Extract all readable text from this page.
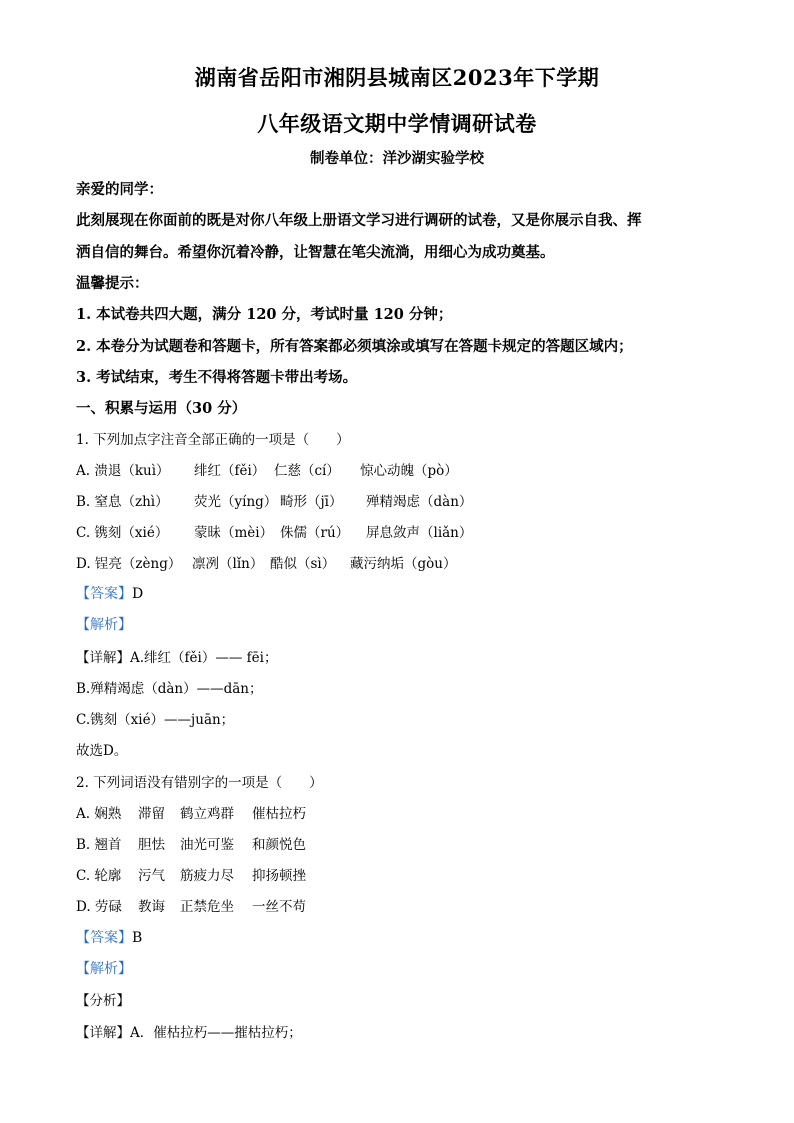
湖南省岳阳市湘阴县城南区2023年下学期
八年级语文期中学情调研试卷
制卷单位：洋沙湖实验学校
亲爱的同学：
此刻展现在你面前的既是对你八年级上册语文学习进行调研的试卷，又是你展示自我、挥
洒自信的舞台。希望你沉着冷静，让智慧在笔尖流淌，用细心为成功奠基。
温馨提示：
1. 本试卷共四大题，满分 120 分，考试时量 120 分钟；
2. 本卷分为试题卷和答题卡，所有答案都必须填涂或填写在答题卡规定的答题区域内；
3. 考试结束，考生不得将答题卡带出考场。
一、积累与运用（30 分）
1. 下列加点字注音全部正确的一项是（　　）
A. 溃退（kuì） 绯红（fěi） 仁慈（cí） 惊心动魄（pò）
B. 窒息（zhì） 荧光（yíng） 畸形（jī） 殚精竭虑（dàn）
C. 镌刻（xié） 蒙昧（mèi） 侏儒（rú） 屏息敛声（liǎn）
D. 锃亮（zèng） 凛冽（lǐn） 酷似（sì） 藏污纳垢（gòu）
【答案】D
【解析】
【详解】A.绯红（fěi）—— fēi；
B.殚精竭虑（dàn）——dān；
C.镌刻（xié）——juān；
故选D。
2. 下列词语没有错别字的一项是（　　）
A. 娴熟 滞留 鹤立鸡群 催枯拉朽
B. 翘首 胆怯 油光可鉴 和颜悦色
C. 轮廓 污气 筋疲力尽 抑扬顿挫
D. 劳碌 教诲 正禁危坐 一丝不苟
【答案】B
【解析】
【分析】
【详解】A．催枯拉朽——摧枯拉朽；
